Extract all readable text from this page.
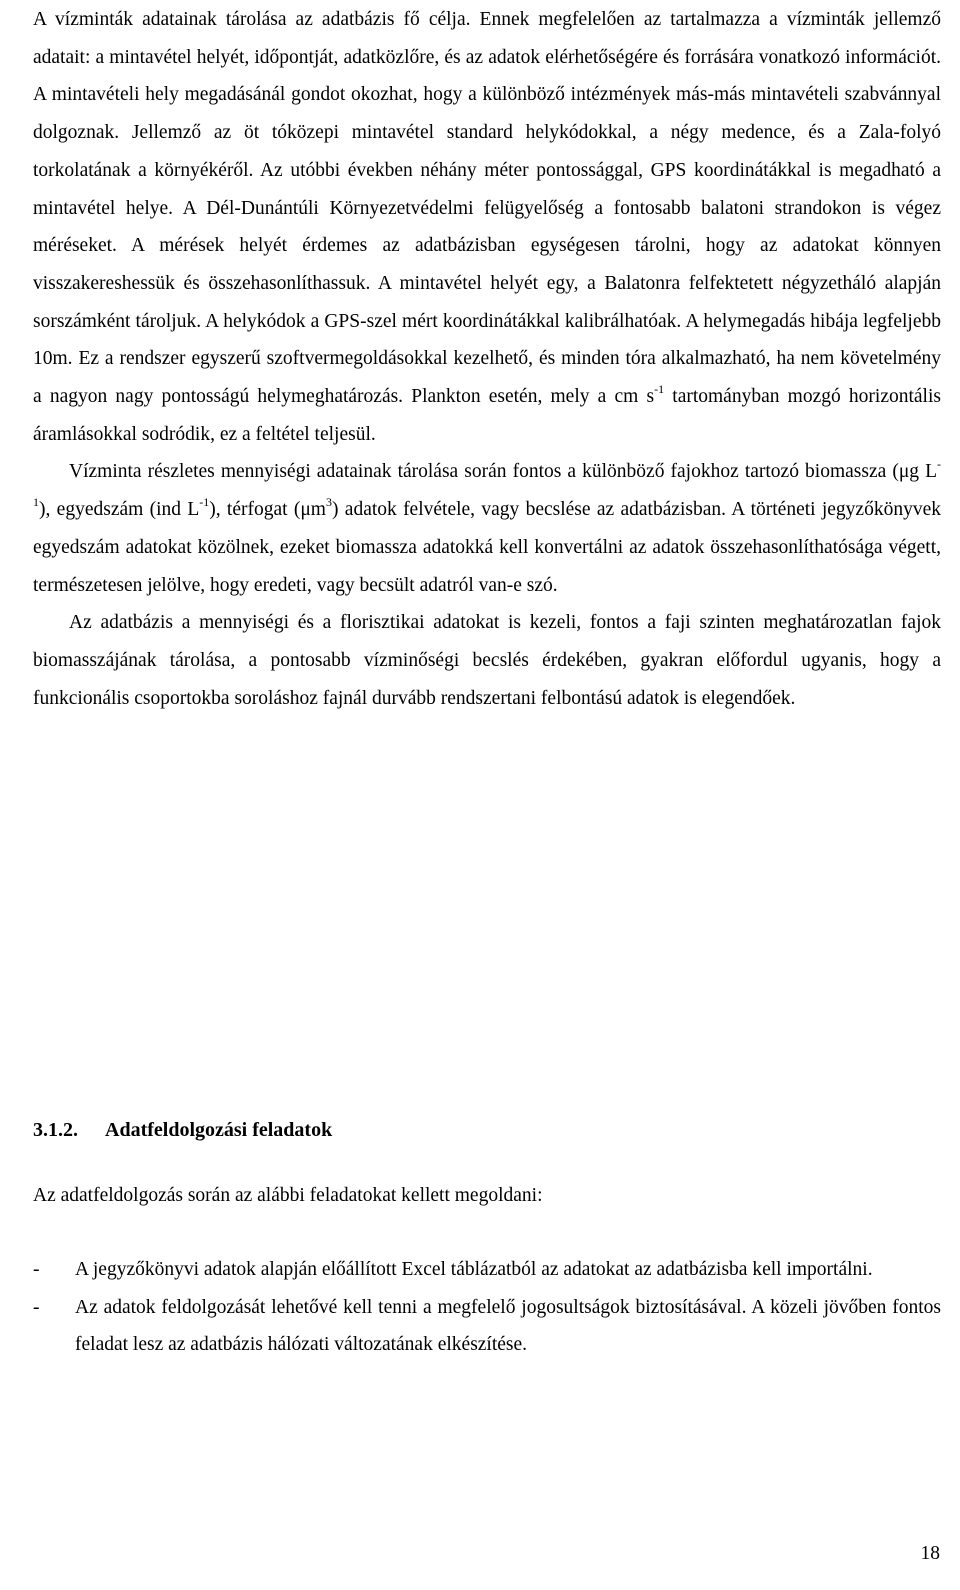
A vízminták adatainak tárolása az adatbázis fő célja. Ennek megfelelően az tartalmazza a vízminták jellemző adatait: a mintavétel helyét, időpontját, adatközlőre, és az adatok elérhetőségére és forrására vonatkozó információt. A mintavételi hely megadásánál gondot okozhat, hogy a különböző intézmények más-más mintavételi szabvánnyal dolgoznak. Jellemző az öt tóközepi mintavétel standard helykódokkal, a négy medence, és a Zala-folyó torkolatának a környékéről. Az utóbbi években néhány méter pontossággal, GPS koordinátákkal is megadható a mintavétel helye. A Dél-Dunántúli Környezetvédelmi felügyelőség a fontosabb balatoni strandokon is végez méréseket. A mérések helyét érdemes az adatbázisban egységesen tárolni, hogy az adatokat könnyen visszakereshessük és összehasonlíthassuk. A mintavétel helyét egy, a Balatonra felfektetett négyzetháló alapján sorszámként tároljuk. A helykódok a GPS-szel mért koordinátákkal kalibrálhatóak. A helymegadás hibája legfeljebb 10m. Ez a rendszer egyszerű szoftvermegoldásokkal kezelhető, és minden tóra alkalmazható, ha nem követelmény a nagyon nagy pontosságú helymeghatározás. Plankton esetén, mely a cm $s^{-1}$ tartományban mozgó horizontális áramlásokkal sodródik, ez a feltétel teljesül.

Vízminta részletes mennyiségi adatainak tárolása során fontos a különböző fajokhoz tartozó biomassza (μg $L^{-1}$), egyedszám (ind $L^{-1}$), térfogat $(\mu m^3)$ adatok felvétele, vagy becslése az adatbázisban. A történeti jegyzőkönyvek egyedszám adatokat közölnek, ezeket biomassza adatokká kell konvertálni az adatok összehasonlíthatósága végett, természetesen jelölve, hogy eredeti, vagy becsült adatról van-e szó.

Az adatbázis a mennyiségi és a florisztikai adatokat is kezeli, fontos a faji szinten meghatározatlan fajok biomasszájának tárolása, a pontosabb vízminőségi becslés érdekében, gyakran előfordul ugyanis, hogy a funkcionális csoportokba soroláshoz fajnál durvább rendszertani felbontású adatok is elegendőek.

3.1.2. Adatfeldolgozási feladatok

Az adatfeldolgozás során az alábbi feladatokat kellett megoldani:

-	A jegyzőkönyvi adatok alapján előállított Excel táblázatból az adatokat az adatbázisba kell importálni.

-	Az adatok feldolgozását lehetővé kell tenni a megfelelő jogosultságok biztosításával. A közeli jövőben fontos feladat lesz az adatbázis hálózati változatának elkészítése.

18
